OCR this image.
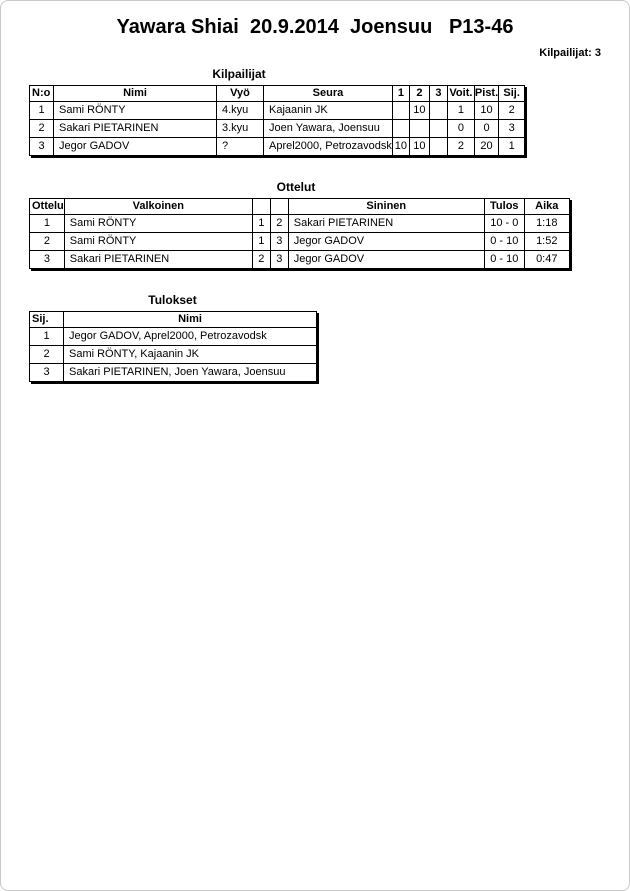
Yawara Shiai  20.9.2014  Joensuu   P13-46
Kilpailijat: 3
Kilpailijat
N:o	Nimi	Vyö	Seura	1	2	3	Voit.	Pist.	Sij.
1	Sami RÖNTY	4.kyu	Kajaanin JK		10		1	10	2
2	Sakari PIETARINEN	3.kyu	Joen Yawara, Joensuu				0	0	3
3	Jegor GADOV	?	Aprel2000, Petrozavodsk	10	10		2	20	1
Ottelut
Ottelu	Valkoinen			Sininen	Tulos	Aika
1	Sami RÖNTY	1	2	Sakari PIETARINEN	10 - 0	1:18
2	Sami RÖNTY	1	3	Jegor GADOV	0 - 10	1:52
3	Sakari PIETARINEN	2	3	Jegor GADOV	0 - 10	0:47
Tulokset
Sij.	Nimi
1	Jegor GADOV, Aprel2000, Petrozavodsk
2	Sami RÖNTY, Kajaanin JK
3	Sakari PIETARINEN, Joen Yawara, Joensuu
